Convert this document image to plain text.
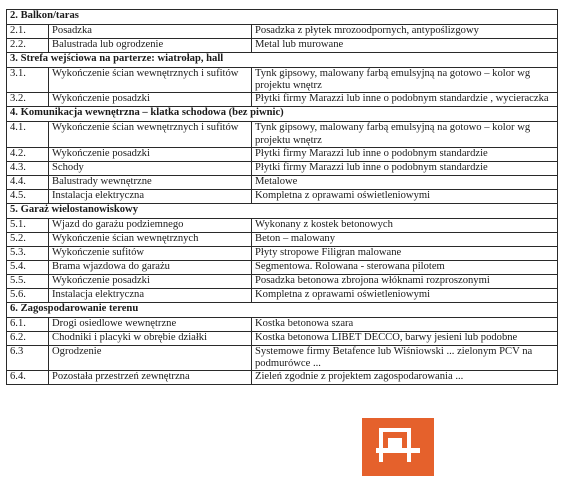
2. Balkon/taras		
2.1.	Posadzka	Posadzka z płytek mrozoodpornych, antypoślizgowy
2.2.	Balustrada lub ogrodzenie	Metal lub murowane
3. Strefa wejściowa na parterze: wiatrołap, hall		
3.1.	Wykończenie ścian wewnętrznych i sufitów	Tynk gipsowy, malowany farbą emulsyjną na gotowo – kolor wg projektu wnętrz
3.2.	Wykończenie posadzki	Płytki firmy Marazzi lub inne o podobnym standardzie , wycieraczka
4. Komunikacja wewnętrzna – klatka schodowa (bez piwnic)		
4.1.	Wykończenie ścian wewnętrznych i sufitów	Tynk gipsowy, malowany farbą emulsyjną na gotowo – kolor wg projektu wnętrz
4.2.	Wykończenie posadzki	Płytki firmy Marazzi lub inne o podobnym standardzie
4.3.	Schody	Płytki firmy Marazzi lub inne o podobnym standardzie
4.4.	Balustrady wewnętrzne	Metalowe
4.5.	Instalacja elektryczna	Kompletna z oprawami oświetleniowymi
5. Garaż wielostanowiskowy		
5.1.	Wjazd do garażu podziemnego	Wykonany z kostek betonowych
5.2.	Wykończenie ścian wewnętrznych	Beton – malowany
5.3.	Wykończenie sufitów	Płyty stropowe Filigran malowane
5.4.	Brama wjazdowa do garażu	Segmentowa. Rolowana - sterowana pilotem
5.5.	Wykończenie posadzki	Posadzka betonowa zbrojona włóknami rozproszonymi
5.6.	Instalacja elektryczna	Kompletna z oprawami oświetleniowymi
6. Zagospodarowanie terenu		
6.1.	Drogi osiedlowe wewnętrzne	Kostka betonowa szara
6.2.	Chodniki i placyki w obrębie działki	Kostka betonowa LIBET DECCO, barwy jesieni lub podobne
6.3	Ogrodzenie	Systemowe firmy Betafence lub Wiśniowski ... zielonym PCV na podmurówce ...
6.4.	Pozostała przestrzeń zewnętrzna	Zieleń zgodnie z projektem zagospodarowania ...
